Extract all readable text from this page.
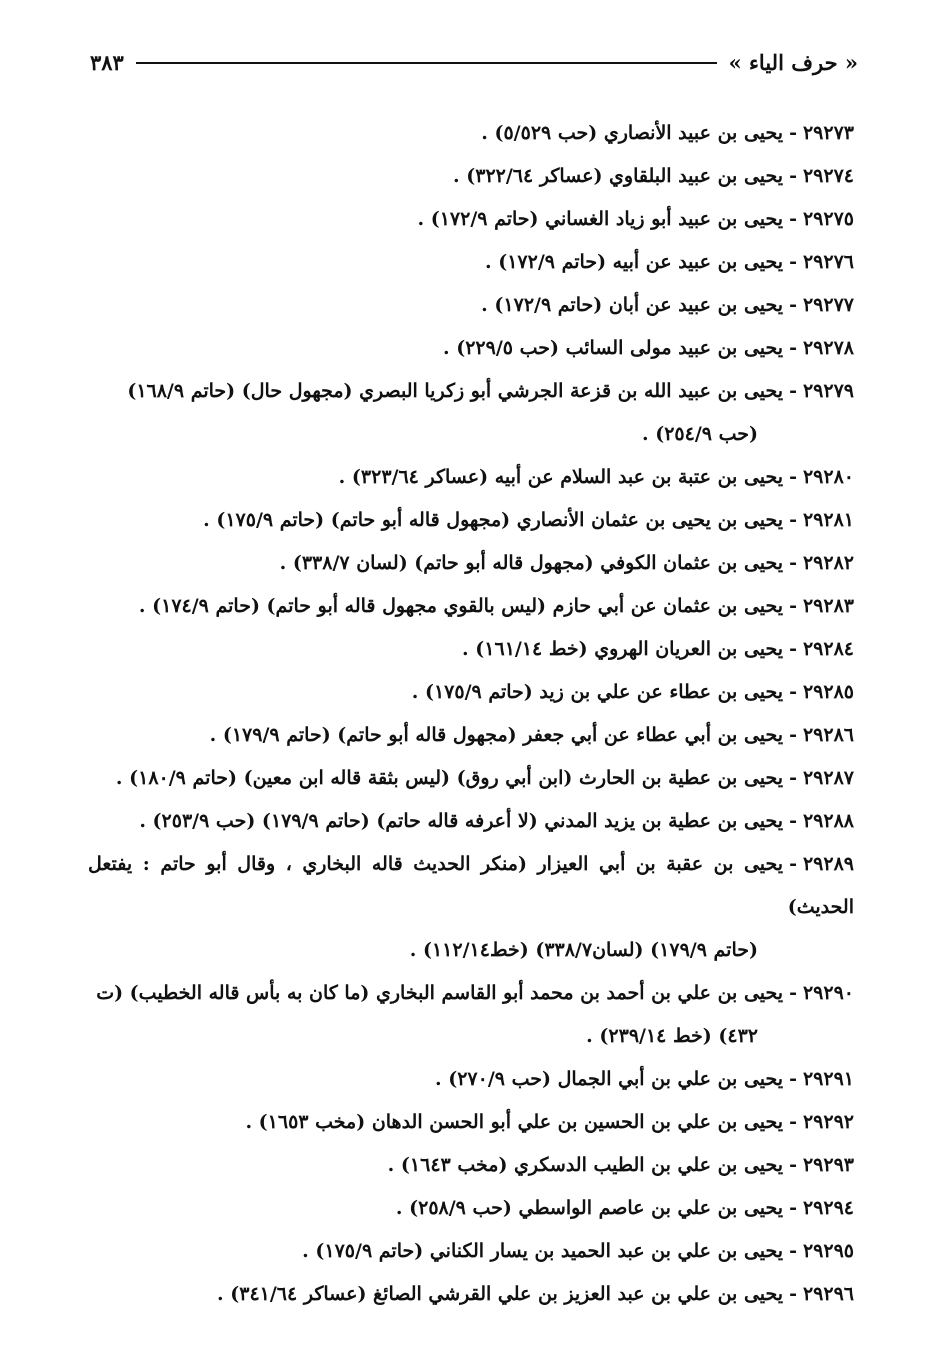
« حرف الياء »
٣٨٣

٢٩٢٧٣-يحيى بن عبيد الأنصاري (حب ٥/٥٢٩) .

٢٩٢٧٤-يحيى بن عبيد البلقاوي (عساكر ٣٢٢/٦٤) .

٢٩٢٧٥-يحيى بن عبيد أبو زياد الغساني (حاتم ١٧٢/٩) .

٢٩٢٧٦-يحيى بن عبيد عن أبيه (حاتم ١٧٢/٩) .

٢٩٢٧٧-يحيى بن عبيد عن أبان (حاتم ١٧٢/٩) .

٢٩٢٧٨-يحيى بن عبيد مولى السائب (حب ٢٢٩/٥) .

٢٩٢٧٩-يحيى بن عبيد الله بن قزعة الجرشي أبو زكريا البصري (مجهول حال) (حاتم ١٦٨/٩)
(حب ٢٥٤/٩) .

٢٩٢٨٠-يحيى بن عتبة بن عبد السلام عن أبيه (عساكر ٣٢٣/٦٤) .

٢٩٢٨١-يحيى بن يحيى بن عثمان الأنصاري (مجهول قاله أبو حاتم) (حاتم ١٧٥/٩) .

٢٩٢٨٢-يحيى بن عثمان الكوفي (مجهول قاله أبو حاتم) (لسان ٣٣٨/٧) .

٢٩٢٨٣-يحيى بن عثمان عن أبي حازم (ليس بالقوي مجهول قاله أبو حاتم) (حاتم ١٧٤/٩) .

٢٩٢٨٤-يحيى بن العريان الهروي (خط ١٦١/١٤) .

٢٩٢٨٥-يحيى بن عطاء عن علي بن زيد (حاتم ١٧٥/٩) .

٢٩٢٨٦-يحيى بن أبي عطاء عن أبي جعفر (مجهول قاله أبو حاتم) (حاتم ١٧٩/٩) .

٢٩٢٨٧-يحيى بن عطية بن الحارث (ابن أبي روق) (ليس بثقة قاله ابن معين) (حاتم ١٨٠/٩) .

٢٩٢٨٨-يحيى بن عطية بن يزيد المدني (لا أعرفه قاله حاتم) (حاتم ١٧٩/٩) (حب ٢٥٣/٩) .

٢٩٢٨٩-يحيى بن عقبة بن أبي العيزار (منكر الحديث قاله البخاري ، وقال أبو حاتم : يفتعل الحديث)
(حاتم ١٧٩/٩) (لسان٣٣٨/٧) (خط١١٢/١٤) .

٢٩٢٩٠-يحيى بن علي بن أحمد بن محمد أبو القاسم البخاري (ما كان به بأس قاله الخطيب) (ت
٤٣٢) (خط ٢٣٩/١٤) .

٢٩٢٩١-يحيى بن علي بن أبي الجمال (حب ٢٧٠/٩) .

٢٩٢٩٢-يحيى بن علي بن الحسين بن علي أبو الحسن الدهان (مخب ١٦٥٣) .

٢٩٢٩٣-يحيى بن علي بن الطيب الدسكري (مخب ١٦٤٣) .

٢٩٢٩٤-يحيى بن علي بن عاصم الواسطي (حب ٢٥٨/٩) .

٢٩٢٩٥-يحيى بن علي بن عبد الحميد بن يسار الكناني (حاتم ١٧٥/٩) .

٢٩٢٩٦-يحيى بن علي بن عبد العزيز بن علي القرشي الصائغ (عساكر ٣٤١/٦٤) .
